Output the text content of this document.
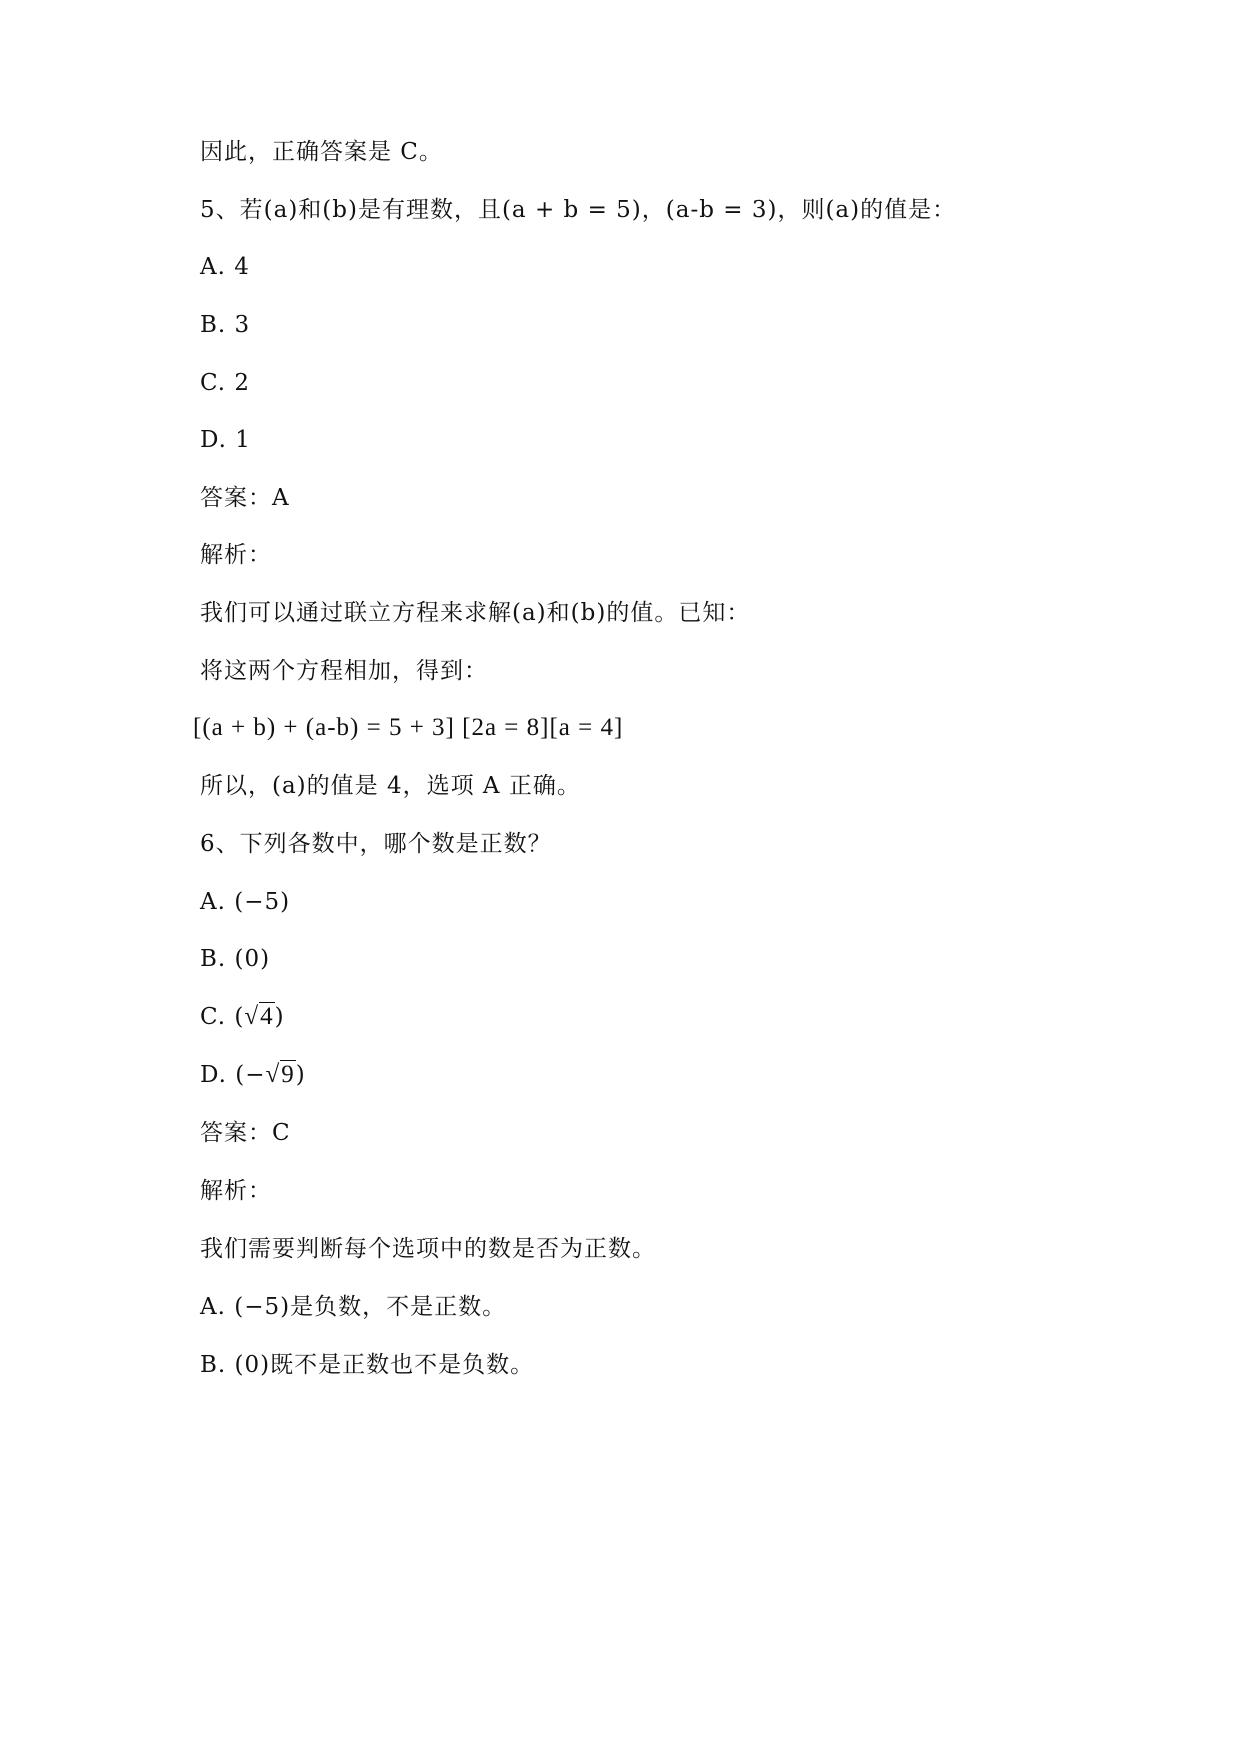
因此，正确答案是 C。
5、若(a)和(b)是有理数，且(a + b = 5)，(a-b = 3)，则(a)的值是：
A. 4
B. 3
C. 2
D. 1
答案：A
解析：
我们可以通过联立方程来求解(a)和(b)的值。已知：
将这两个方程相加，得到：
[(a + b) + (a-b) = 5 + 3] [2a = 8][a = 4]
所以，(a)的值是 4，选项 A 正确。
6、下列各数中，哪个数是正数？
A. (−5)
B. (0)
C. (√4)
D. (−√9)
答案：C
解析：
我们需要判断每个选项中的数是否为正数。
A. (−5)是负数，不是正数。
B. (0)既不是正数也不是负数。
